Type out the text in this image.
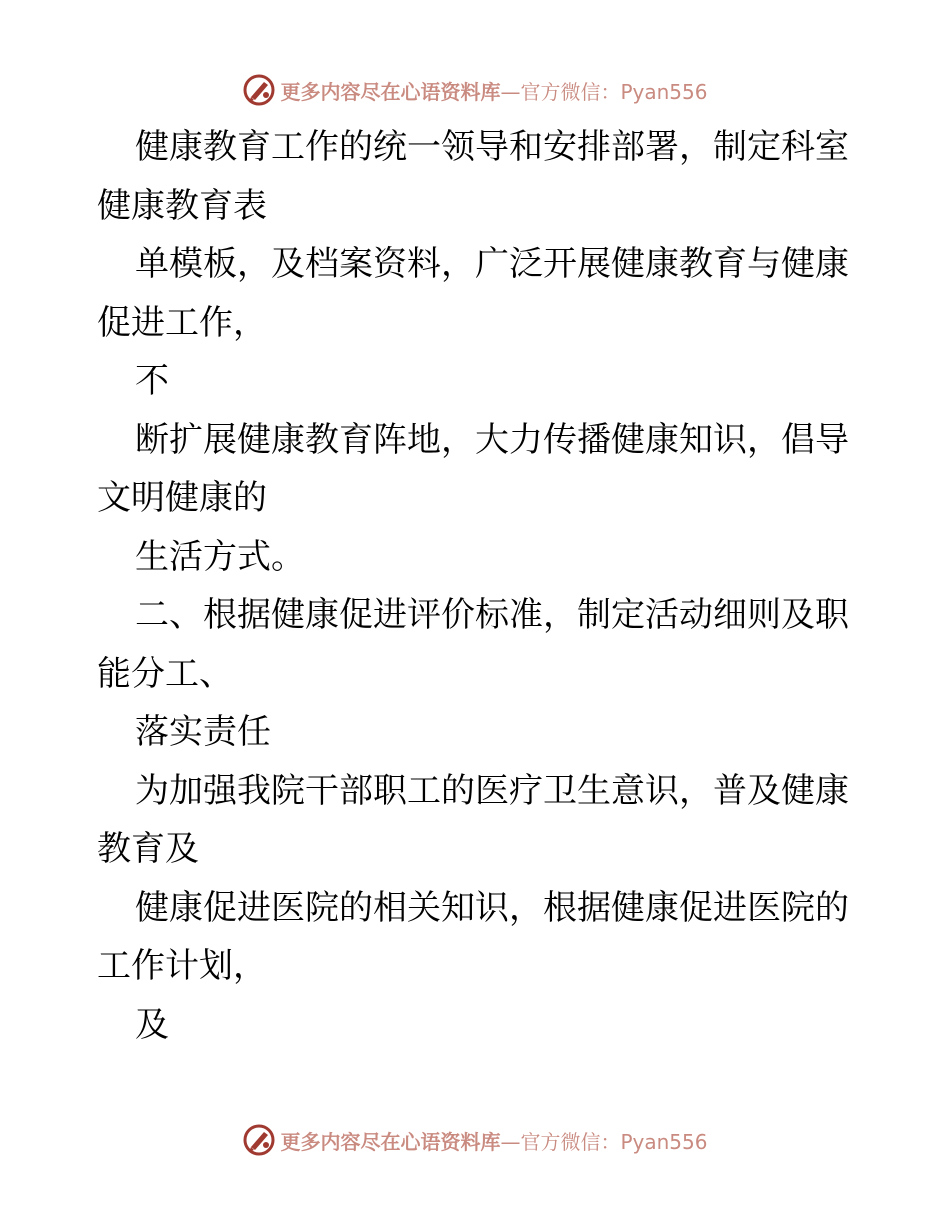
更多内容尽在心语资料库—官方微信：Pyan556

健康教育工作的统一领导和安排部署，制定科室健康教育表

单模板，及档案资料，广泛开展健康教育与健康促进工作，

不

断扩展健康教育阵地，大力传播健康知识，倡导文明健康的

生活方式。

二、根据健康促进评价标准，制定活动细则及职能分工、

落实责任

为加强我院干部职工的医疗卫生意识，普及健康教育及

健康促进医院的相关知识，根据健康促进医院的工作计划，

及

更多内容尽在心语资料库—官方微信：Pyan556
